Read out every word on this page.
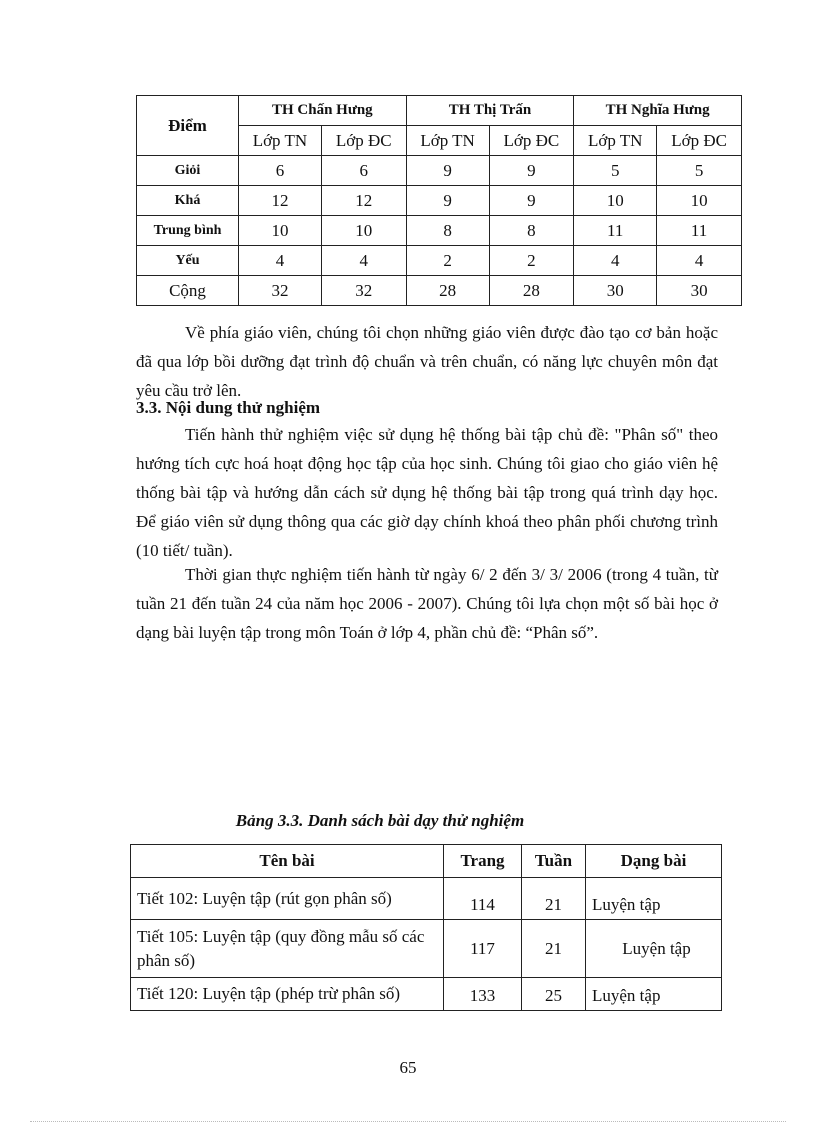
Điểm	TH Chấn Hưng		TH Thị Trấn		TH Nghĩa Hưng	
	Lớp TN	Lớp ĐC	Lớp TN	Lớp ĐC	Lớp TN	Lớp ĐC
Giỏi	6	6	9	9	5	5
Khá	12	12	9	9	10	10
Trung bình	10	10	8	8	11	11
Yếu	4	4	2	2	4	4
Cộng	32	32	28	28	30	30

Về phía giáo viên, chúng tôi chọn những giáo viên được đào tạo cơ bản hoặc đã qua lớp bồi dưỡng đạt trình độ chuẩn và trên chuẩn, có năng lực chuyên môn đạt yêu cầu trở lên.

3.3. Nội dung thử nghiệm

Tiến hành thử nghiệm việc sử dụng hệ thống bài tập chủ đề: "Phân số" theo hướng tích cực hoá hoạt động học tập của học sinh. Chúng tôi giao cho giáo viên hệ thống bài tập và hướng dẫn cách sử dụng hệ thống bài tập trong quá trình dạy học. Để giáo viên sử dụng thông qua các giờ dạy chính khoá theo phân phối chương trình (10 tiết/ tuần).

Thời gian thực nghiệm tiến hành từ ngày 6/ 2 đến 3/ 3/ 2006 (trong 4 tuần, từ tuần 21 đến tuần 24 của năm học 2006 - 2007). Chúng tôi lựa chọn một số bài học ở dạng bài luyện tập trong môn Toán ở lớp 4, phần chủ đề: “Phân số”.

Bảng 3.3. Danh sách bài dạy thử nghiệm

Tên bài	Trang	Tuần	Dạng bài
Tiết 102: Luyện tập (rút gọn phân số)	114	21	Luyện tập
Tiết 105: Luyện tập (quy đồng mẫu số các phân số)	117	21	Luyện tập
Tiết 120: Luyện tập (phép trừ phân số)	133	25	Luyện tập

65
